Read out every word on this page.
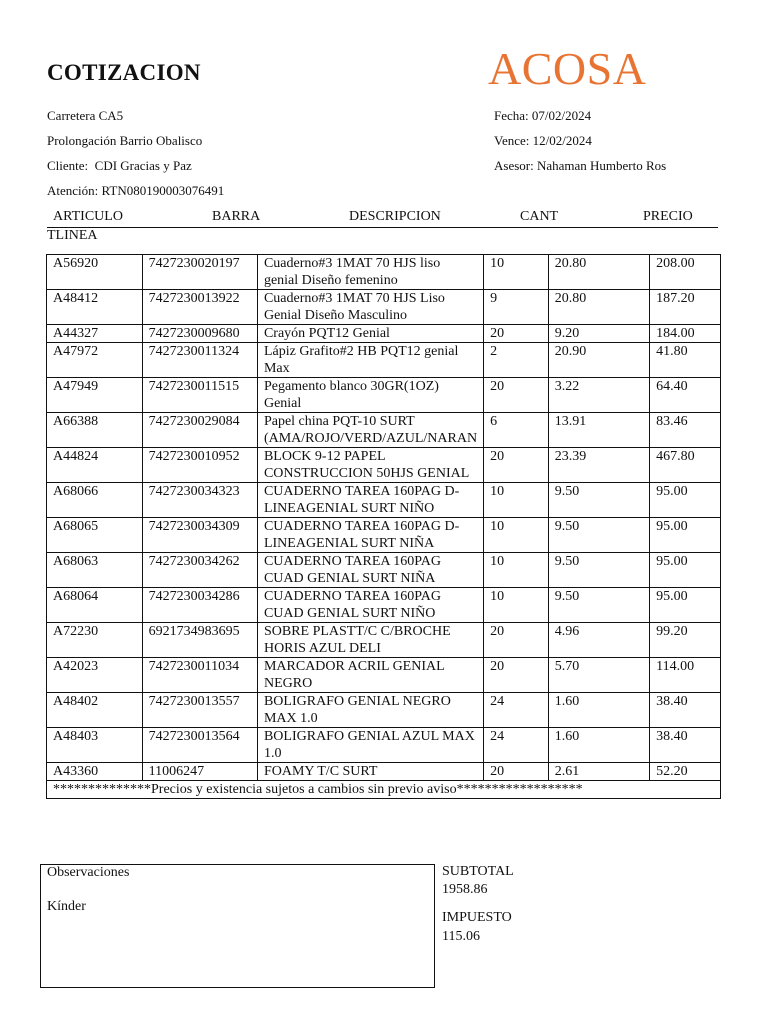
COTIZACION	ACOSA
Carretera CA5
Prolongación Barrio Obalisco
Cliente:  CDI Gracias y Paz
Atención: RTN080190003076491
Fecha: 07/02/2024
Vence: 12/02/2024
Asesor: Nahaman Humberto Ros
ARTICULO	BARRA	DESCRIPCION	CANT	PRECIO
TLINEA
A56920	7427230020197	Cuaderno#3 1MAT 70 HJS liso genial Diseño femenino	10	20.80	208.00
A48412	7427230013922	Cuaderno#3 1MAT 70 HJS Liso Genial Diseño Masculino	9	20.80	187.20
A44327	7427230009680	Crayón PQT12 Genial	20	9.20	184.00
A47972	7427230011324	Lápiz Grafito#2 HB PQT12 genial Max	2	20.90	41.80
A47949	7427230011515	Pegamento blanco 30GR(1OZ) Genial	20	3.22	64.40
A66388	7427230029084	Papel china PQT-10 SURT (AMA/ROJO/VERD/AZUL/NARAN	6	13.91	83.46
A44824	7427230010952	BLOCK 9-12 PAPEL CONSTRUCCION 50HJS GENIAL	20	23.39	467.80
A68066	7427230034323	CUADERNO TAREA 160PAG D-LINEAGENIAL SURT NIÑO	10	9.50	95.00
A68065	7427230034309	CUADERNO TAREA 160PAG D-LINEAGENIAL SURT NIÑA	10	9.50	95.00
A68063	7427230034262	CUADERNO TAREA 160PAG CUAD GENIAL SURT NIÑA	10	9.50	95.00
A68064	7427230034286	CUADERNO TAREA 160PAG CUAD GENIAL SURT NIÑO	10	9.50	95.00
A72230	6921734983695	SOBRE PLASTT/C C/BROCHE HORIS AZUL DELI	20	4.96	99.20
A42023	7427230011034	MARCADOR ACRIL GENIAL NEGRO	20	5.70	114.00
A48402	7427230013557	BOLIGRAFO GENIAL NEGRO MAX 1.0	24	1.60	38.40
A48403	7427230013564	BOLIGRAFO GENIAL AZUL MAX 1.0	24	1.60	38.40
A43360	11006247	FOAMY T/C SURT	20	2.61	52.20
**************Precios y existencia sujetos a cambios sin previo aviso******************					
Observaciones
Kínder
SUBTOTAL
1958.86
IMPUESTO
115.06
